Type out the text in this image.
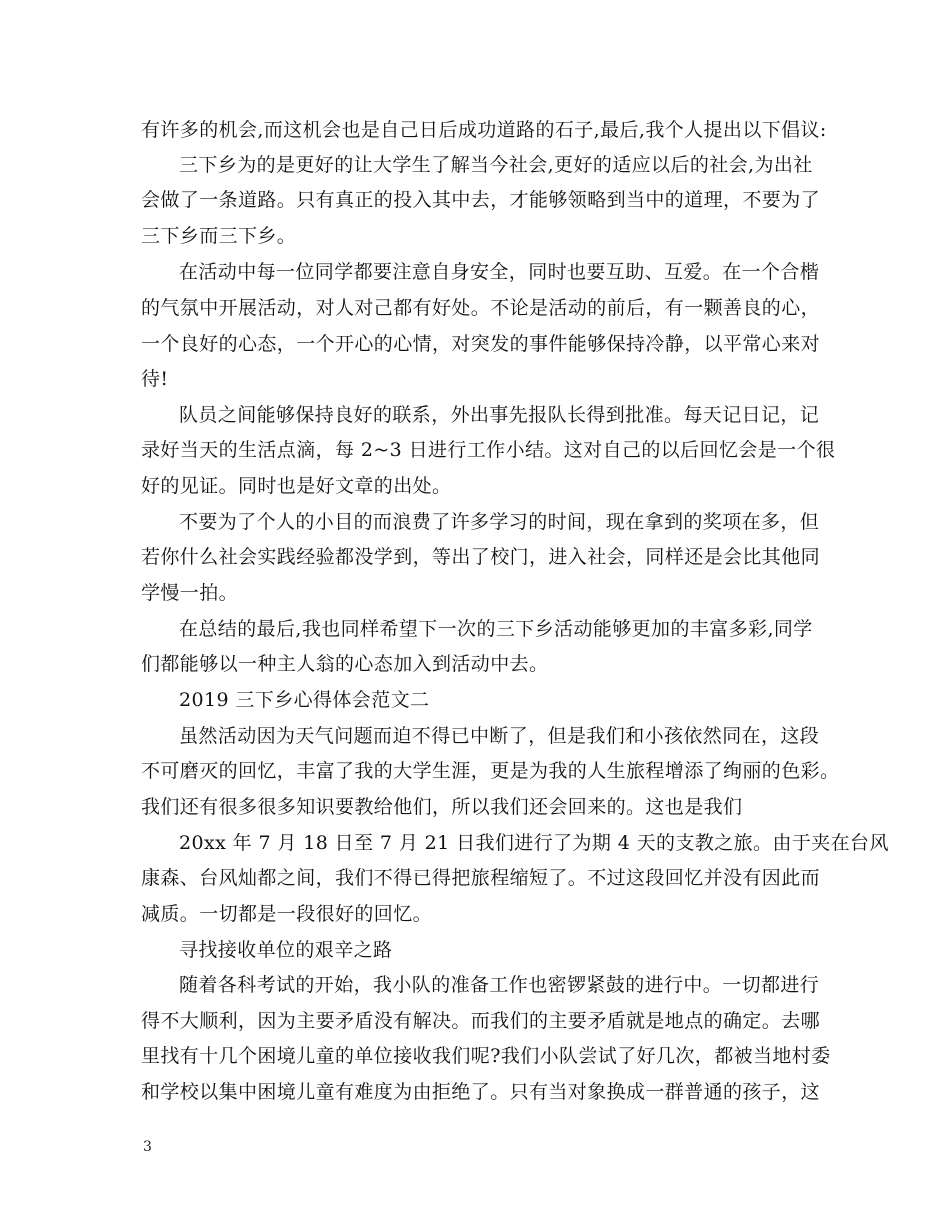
有许多的机会,而这机会也是自己日后成功道路的石子,最后,我个人提出以下倡议:
三下乡为的是更好的让大学生了解当今社会,更好的适应以后的社会,为出社
会做了一条道路。只有真正的投入其中去，才能够领略到当中的道理，不要为了
三下乡而三下乡。
在活动中每一位同学都要注意自身安全，同时也要互助、互爱。在一个合楷
的气氛中开展活动，对人对己都有好处。不论是活动的前后，有一颗善良的心，
一个良好的心态，一个开心的心情，对突发的事件能够保持冷静，以平常心来对
待!
队员之间能够保持良好的联系，外出事先报队长得到批准。每天记日记，记
录好当天的生活点滴，每 2~3 日进行工作小结。这对自己的以后回忆会是一个很
好的见证。同时也是好文章的出处。
不要为了个人的小目的而浪费了许多学习的时间，现在拿到的奖项在多，但
若你什么社会实践经验都没学到，等出了校门，进入社会，同样还是会比其他同
学慢一拍。
在总结的最后,我也同样希望下一次的三下乡活动能够更加的丰富多彩,同学
们都能够以一种主人翁的心态加入到活动中去。
2019 三下乡心得体会范文二
虽然活动因为天气问题而迫不得已中断了，但是我们和小孩依然同在，这段
不可磨灭的回忆，丰富了我的大学生涯，更是为我的人生旅程增添了绚丽的色彩。
我们还有很多很多知识要教给他们，所以我们还会回来的。这也是我们
20xx 年 7 月 18 日至 7 月 21 日我们进行了为期 4 天的支教之旅。由于夹在台风
康森、台风灿都之间，我们不得已得把旅程缩短了。不过这段回忆并没有因此而
减质。一切都是一段很好的回忆。
寻找接收单位的艰辛之路
随着各科考试的开始，我小队的准备工作也密锣紧鼓的进行中。一切都进行
得不大顺利，因为主要矛盾没有解决。而我们的主要矛盾就是地点的确定。去哪
里找有十几个困境儿童的单位接收我们呢?我们小队尝试了好几次，都被当地村委
和学校以集中困境儿童有难度为由拒绝了。只有当对象换成一群普通的孩子，这
3
